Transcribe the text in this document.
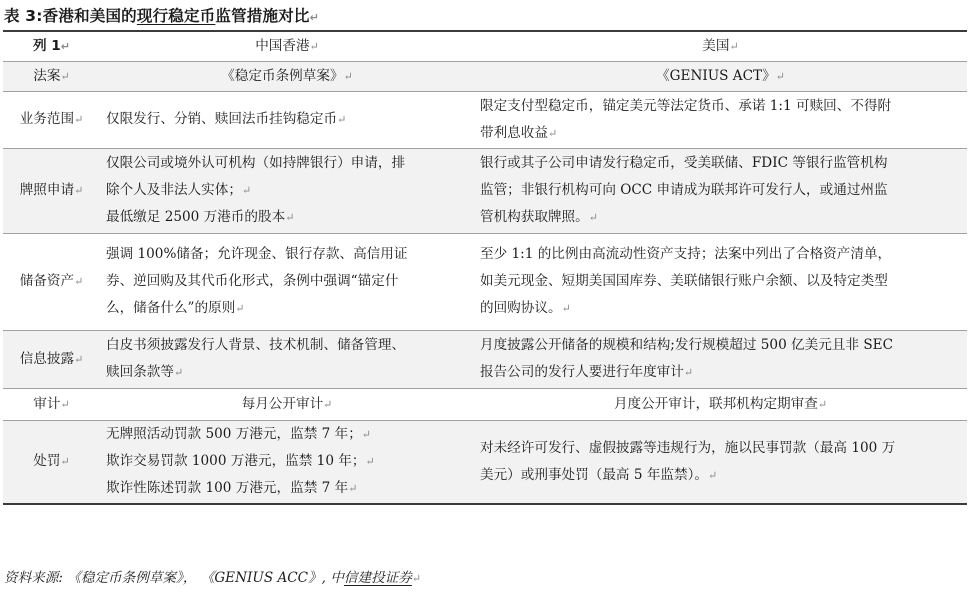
表 3:香港和美国的现行稳定币监管措施对比↵
列 1↵	中国香港↵	美国↵
法案↵	《稳定币条例草案》↵	《GENIUS ACT》↵

业务范围↵	仅限发行、分销、赎回法币挂钩稳定币↵	限定支付型稳定币，锚定美元等法定货币、承诺 1:1 可赎回、不得附
带利息收益↵

牌照申请↵	仅限公司或境外认可机构（如持牌银行）申请，排
除个人及非法人实体；↵
最低缴足 2500 万港币的股本↵	银行或其子公司申请发行稳定币，受美联储、FDIC 等银行监管机构
监管；非银行机构可向 OCC 申请成为联邦许可发行人，或通过州监
管机构获取牌照。↵

储备资产↵	强调 100%储备；允许现金、银行存款、高信用证
券、逆回购及其代币化形式，条例中强调“锚定什
么，储备什么”的原则↵	至少 1:1 的比例由高流动性资产支持；法案中列出了合格资产清单，
如美元现金、短期美国国库券、美联储银行账户余额、以及特定类型
的回购协议。↵

信息披露↵	白皮书须披露发行人背景、技术机制、储备管理、
赎回条款等↵	月度披露公开储备的规模和结构;发行规模超过 500 亿美元且非 SEC
报告公司的发行人要进行年度审计↵

审计↵	每月公开审计↵	月度公开审计，联邦机构定期审查↵

处罚↵	无牌照活动罚款 500 万港元，监禁 7 年；↵
欺诈交易罚款 1000 万港元，监禁 10 年；↵
欺诈性陈述罚款 100 万港元，监禁 7 年↵	对未经许可发行、虚假披露等违规行为，施以民事罚款（最高 100 万
美元）或刑事处罚（最高 5 年监禁）。↵
资料来源: 《稳定币条例草案》， 《GENIUS ACC》, 中信建投证券↵
